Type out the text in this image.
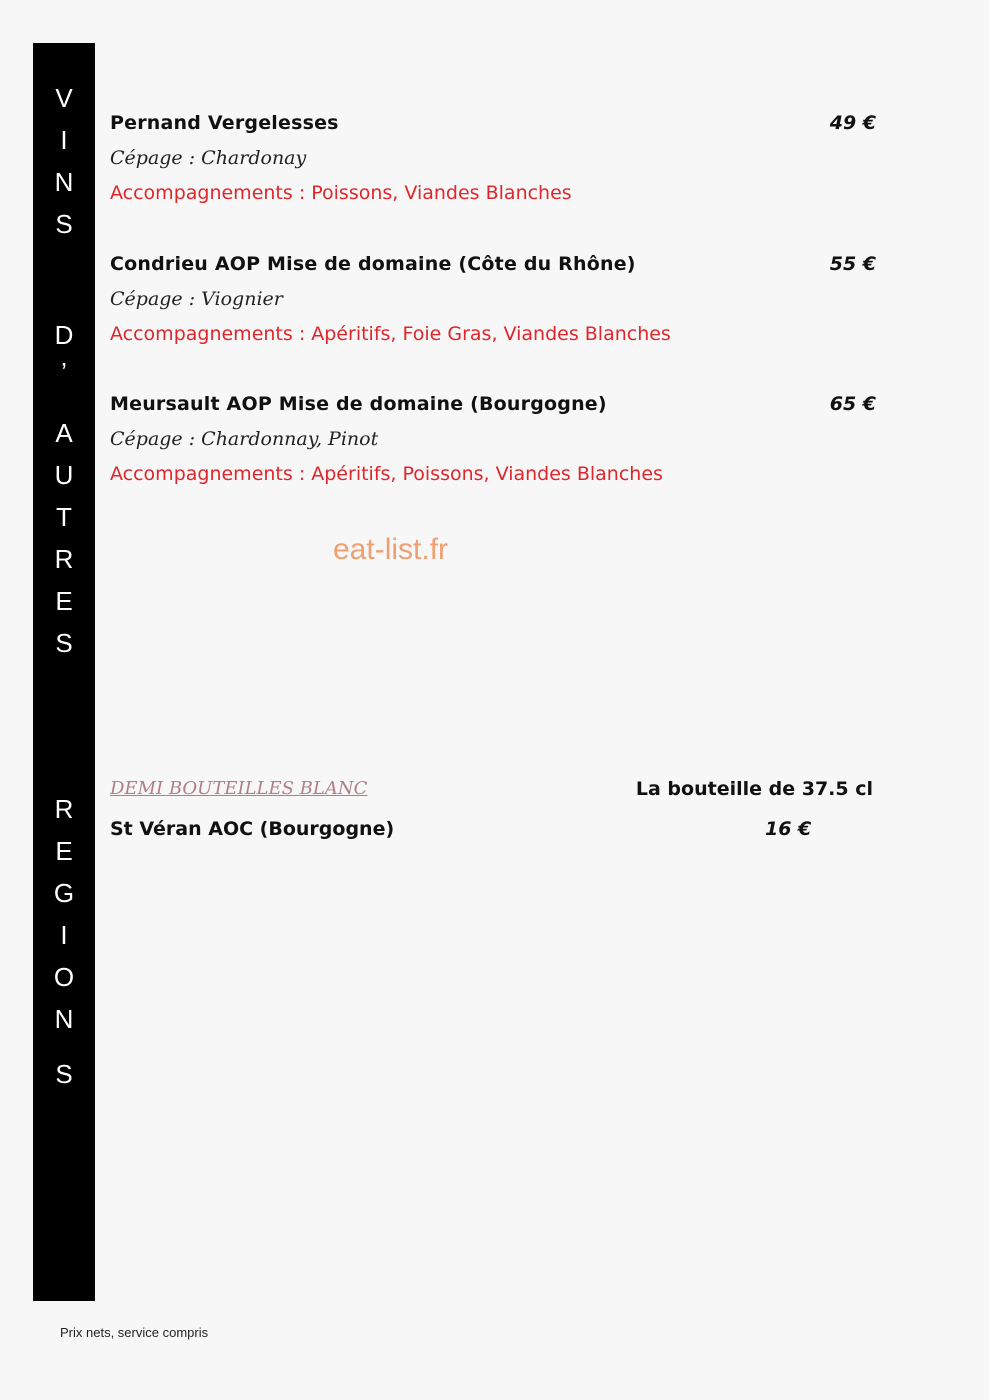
V
I
N
S
D
’
A
U
T
R
E
S
R
E
G
I
O
N
S
Pernand Vergelesses	49 €
Cépage : Chardonay
Accompagnements : Poissons, Viandes Blanches
Condrieu AOP Mise de domaine (Côte du Rhône)	55 €
Cépage : Viognier
Accompagnements : Apéritifs, Foie Gras, Viandes Blanches
Meursault AOP Mise de domaine (Bourgogne)	65 €
Cépage : Chardonnay, Pinot
Accompagnements : Apéritifs, Poissons, Viandes Blanches
eat-list.fr
DEMI BOUTEILLES BLANC	La bouteille de 37.5 cl
St Véran AOC (Bourgogne)	16 €
Prix nets, service compris
